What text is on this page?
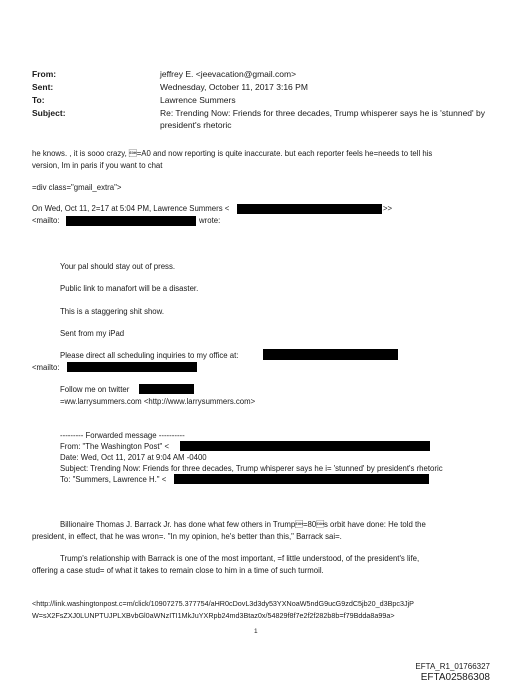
From:	jeffrey E. <jeevacation@gmail.com>
Sent:	Wednesday, October 11, 2017 3:16 PM
To:	Lawrence Summers
Subject:	Re: Trending Now: Friends for three decades, Trump whisperer says he is 'stunned' by
president's rhetoric
he knows. , it is sooo crazy, =A0 and now reporting is quite inaccurate. but each reporter feels he=needs to tell his
version, Im in paris if you want to chat
=div class="gmail_extra">
On Wed, Oct 11, 2=17 at 5:04 PM, Lawrence Summers <	>>
<mailto:	wrote:
Your pal should stay out of press.
Public link to manafort will be a disaster.
This is a staggering shit show.
Sent from my iPad
Please direct all scheduling inquiries to my office at:
<mailto:
Follow me on twitter
=ww.larrysummers.com <http://www.larrysummers.com>
--------- Forwarded message ----------
From: "The Washington Post" <
Date: Wed, Oct 11, 2017 at 9:04 AM -0400
Subject: Trending Now: Friends for three decades, Trump whisperer says he i= 'stunned' by president's rhetoric
To: "Summers, Lawrence H." <
Billionaire Thomas J. Barrack Jr. has done what few others in Trump=80s orbit have done: He told the
president, in effect, that he was wron=. "In my opinion, he's better than this," Barrack sai=.
Trump's relationship with Barrack is one of the most important, =f little understood, of the president's life,
offering a case stud= of what it takes to remain close to him in a time of such turmoil.
<http://link.washingtonpost.c=m/click/10907275.377754/aHR0cDovL3d3dy53YXNoaW5ndG9ucG9zdC5jb20_d3Bpc3JjP
W=sX2FsZXJ0LUNPTUJPLXBvbGl0aWNzITI1MkJuYXRpb24md3Btaz0x/54829f8f7e2f2f282b8b=f79Bdda8a99a>
1
EFTA_R1_01766327
EFTA02586308
